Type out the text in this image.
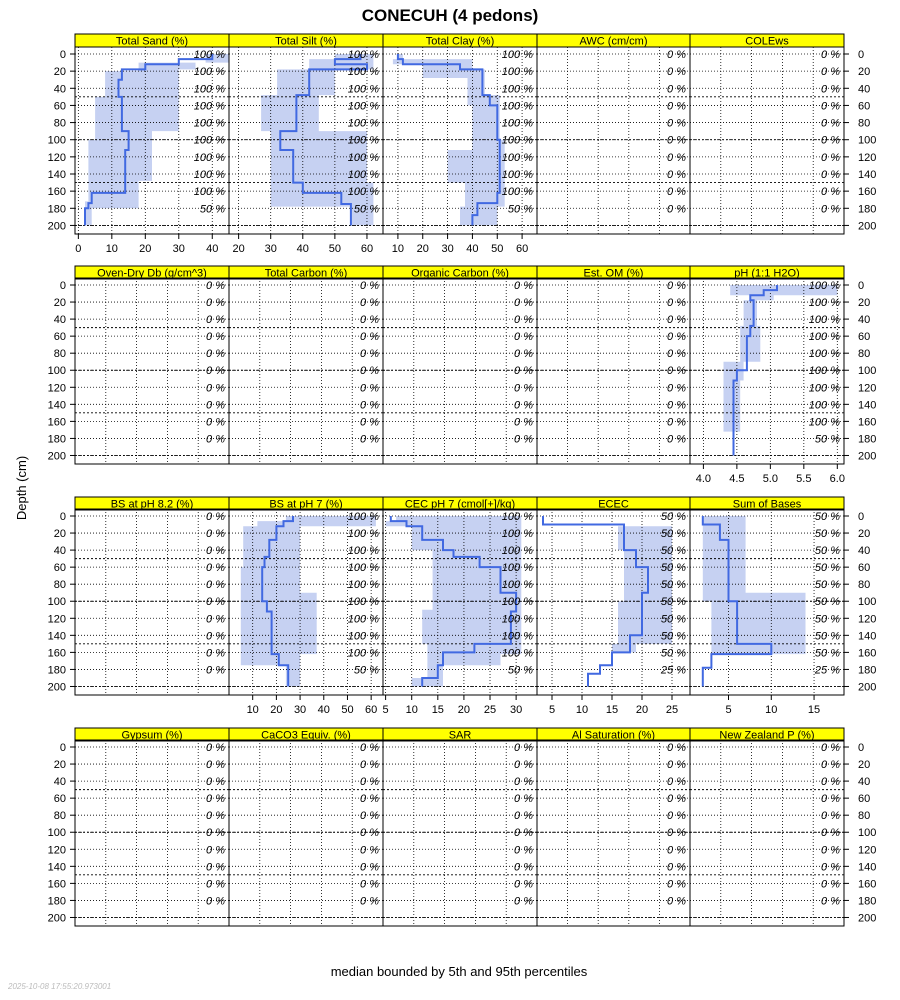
CONECUH (4 pedons)
Depth (cm)
median bounded by 5th and 95th percentiles
2025-10-08 17:55:20.973001
Total Sand (%)
100 %
100 %
100 %
100 %
100 %
100 %
100 %
100 %
100 %
50 %
0
20
40
60
80
100
120
140
160
180
200
0 10 20 30 40
Total Silt (%)
100 %
100 %
100 %
100 %
100 %
100 %
100 %
100 %
100 %
50 %
20 30 40 50 60
Total Clay (%)
100 %
100 %
100 %
100 %
100 %
100 %
100 %
100 %
100 %
50 %
10 20 30 40 50 60
AWC (cm/cm)
0 %
0 %
0 %
0 %
0 %
0 %
0 %
0 %
0 %
0 %
COLEws
0 %
0 %
0 %
0 %
0 %
0 %
0 %
0 %
0 %
0 %
0
20
40
60
80
100
120
140
160
180
200
Oven-Dry Db (g/cm^3)
0 %
0 %
0 %
0 %
0 %
0 %
0 %
0 %
0 %
0 %
0
20
40
60
80
100
120
140
160
180
200
Total Carbon (%)
0 %
0 %
0 %
0 %
0 %
0 %
0 %
0 %
0 %
0 %
Organic Carbon (%)
0 %
0 %
0 %
0 %
0 %
0 %
0 %
0 %
0 %
0 %
Est. OM (%)
0 %
0 %
0 %
0 %
0 %
0 %
0 %
0 %
0 %
0 %
pH (1:1 H2O)
100 %
100 %
100 %
100 %
100 %
100 %
100 %
100 %
100 %
50 %
0
20
40
60
80
100
120
140
160
180
200
4.0 4.5 5.0 5.5 6.0
BS at pH 8.2 (%)
0 %
0 %
0 %
0 %
0 %
0 %
0 %
0 %
0 %
0 %
0
20
40
60
80
100
120
140
160
180
200
BS at pH 7 (%)
100 %
100 %
100 %
100 %
100 %
100 %
100 %
100 %
100 %
50 %
10 20 30 40 50 60
CEC pH 7 (cmol[+]/kg)
100 %
100 %
100 %
100 %
100 %
100 %
100 %
100 %
100 %
50 %
5 10 15 20 25 30
ECEC
50 %
50 %
50 %
50 %
50 %
50 %
50 %
50 %
50 %
25 %
5 10 15 20 25
Sum of Bases
50 %
50 %
50 %
50 %
50 %
50 %
50 %
50 %
50 %
25 %
0
20
40
60
80
100
120
140
160
180
200
5	10	15
Gypsum (%)
0 %
0 %
0 %
0 %
0 %
0 %
0 %
0 %
0 %
0 %
0
20
40
60
80
100
120
140
160
180
200
CaCO3 Equiv. (%)
0 %
0 %
0 %
0 %
0 %
0 %
0 %
0 %
0 %
0 %
SAR
0 %
0 %
0 %
0 %
0 %
0 %
0 %
0 %
0 %
0 %
Al Saturation (%)
0 %
0 %
0 %
0 %
0 %
0 %
0 %
0 %
0 %
0 %
New Zealand P (%)
0 %
0 %
0 %
0 %
0 %
0 %
0 %
0 %
0 %
0 %
0
20
40
60
80
100
120
140
160
180
200
